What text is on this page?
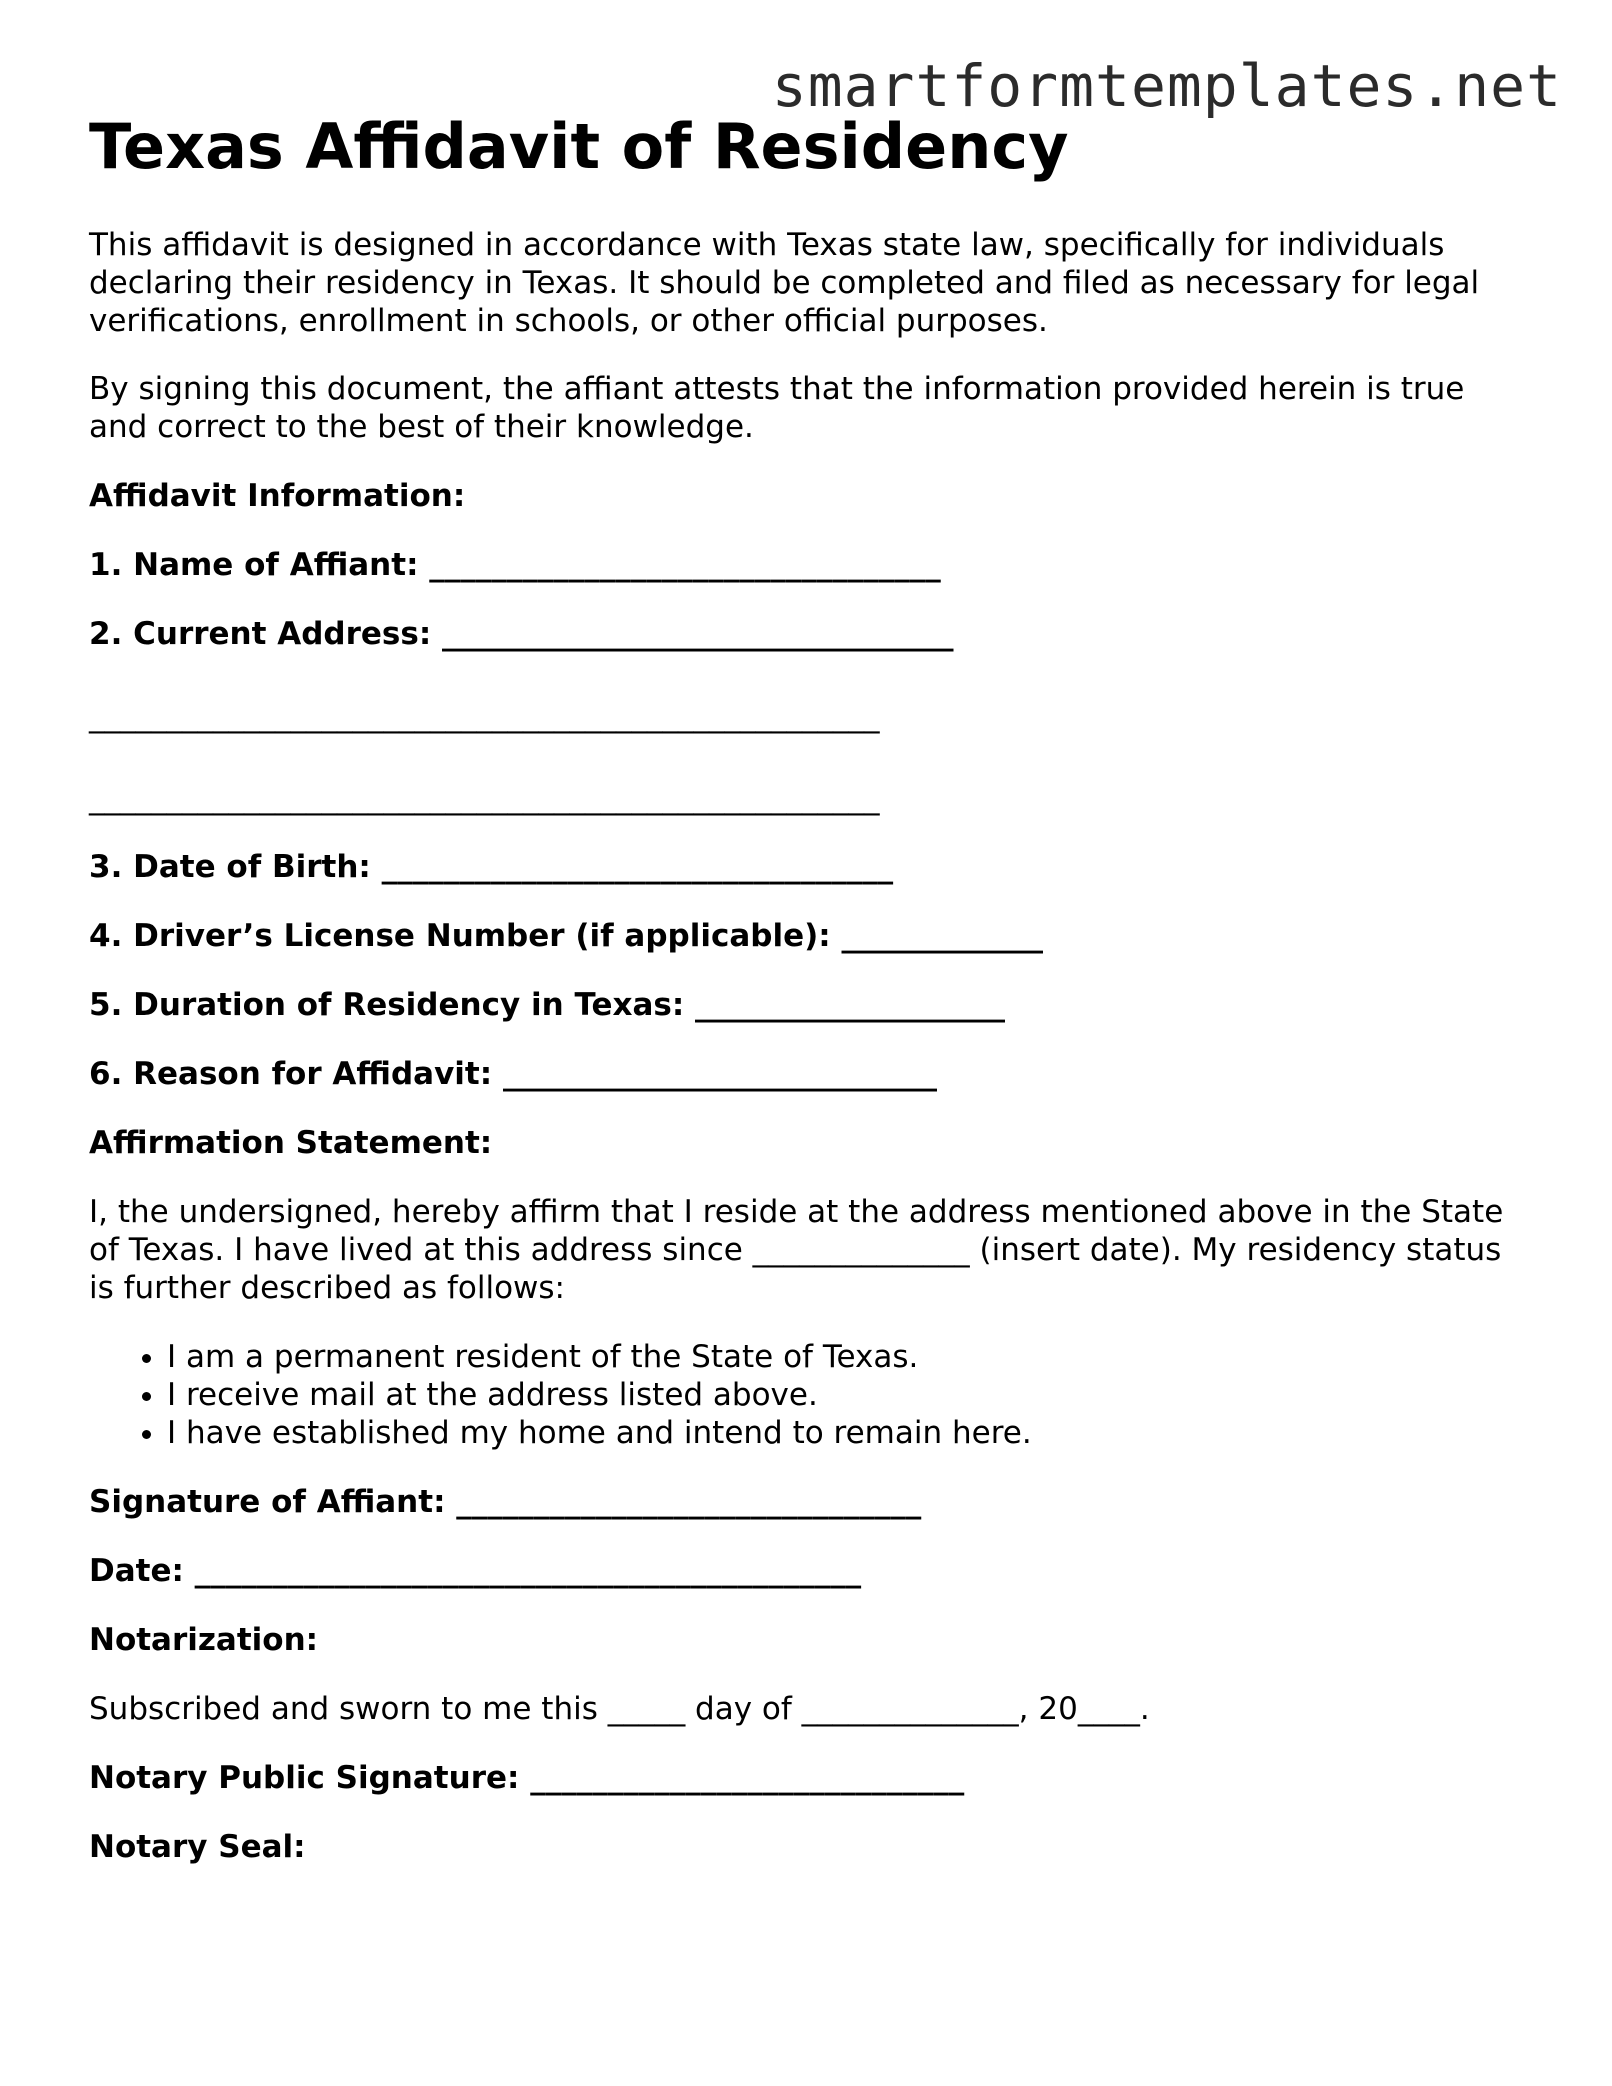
smartformtemplates.net
Texas Affidavit of Residency

This affidavit is designed in accordance with Texas state law, specifically for individuals declaring their residency in Texas. It should be completed and filed as necessary for legal verifications, enrollment in schools, or other official purposes.

By signing this document, the affiant attests that the information provided herein is true and correct to the best of their knowledge.

Affidavit Information:
1. Name of Affiant: _________________________________
2. Current Address: _________________________________
___________________________________________________
___________________________________________________
3. Date of Birth: _________________________________
4. Driver’s License Number (if applicable): _____________
5. Duration of Residency in Texas: ____________________
6. Reason for Affidavit: ____________________________
Affirmation Statement:

I, the undersigned, hereby affirm that I reside at the address mentioned above in the State of Texas. I have lived at this address since ______________ (insert date). My residency status is further described as follows:

• I am a permanent resident of the State of Texas.
• I receive mail at the address listed above.
• I have established my home and intend to remain here.
Signature of Affiant: ______________________________
Date: ___________________________________________
Notarization:
Subscribed and sworn to me this _____ day of ______________, 20____.
Notary Public Signature: ____________________________
Notary Seal:
